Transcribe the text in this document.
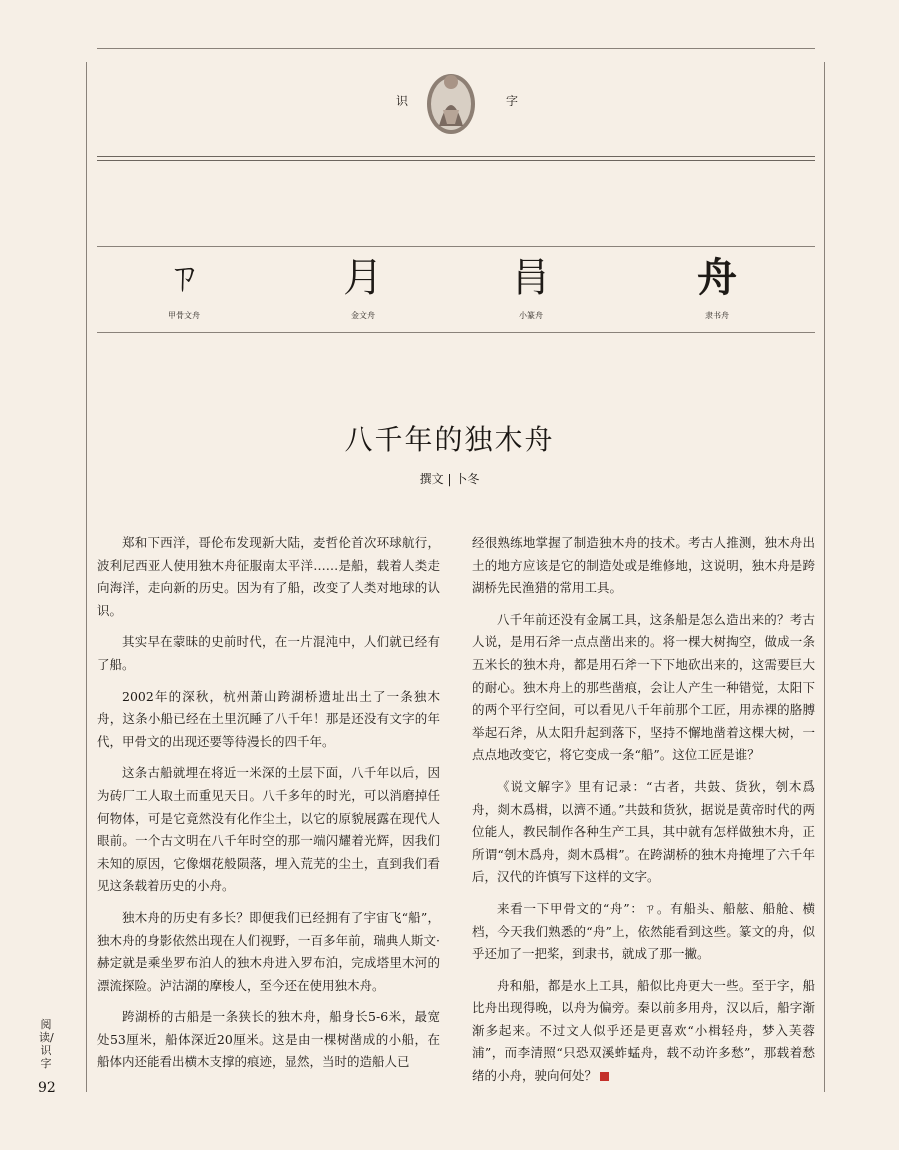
识	字
ㄗ
甲骨文舟
月
金文舟
肙
小篆舟
舟
隶书舟
八千年的独木舟
撰文 | 卜冬

郑和下西洋，哥伦布发现新大陆，麦哲伦首次环球航行，波利尼西亚人使用独木舟征服南太平洋……是船，载着人类走向海洋，走向新的历史。因为有了船，改变了人类对地球的认识。

其实早在蒙昧的史前时代，在一片混沌中，人们就已经有了船。

2002年的深秋，杭州萧山跨湖桥遗址出土了一条独木舟，这条小船已经在土里沉睡了八千年！那是还没有文字的年代，甲骨文的出现还要等待漫长的四千年。

这条古船就埋在将近一米深的土层下面，八千年以后，因为砖厂工人取土而重见天日。八千多年的时光，可以消磨掉任何物体，可是它竟然没有化作尘土，以它的原貌展露在现代人眼前。一个古文明在八千年时空的那一端闪耀着光辉，因我们未知的原因，它像烟花般陨落，埋入荒芜的尘土，直到我们看见这条载着历史的小舟。

独木舟的历史有多长？即便我们已经拥有了宇宙飞“船”，独木舟的身影依然出现在人们视野，一百多年前，瑞典人斯文·赫定就是乘坐罗布泊人的独木舟进入罗布泊，完成塔里木河的漂流探险。泸沽湖的摩梭人，至今还在使用独木舟。

跨湖桥的古船是一条狭长的独木舟，船身长5-6米，最宽处53厘米，船体深近20厘米。这是由一棵树凿成的小船，在船体内还能看出横木支撑的痕迹，显然，当时的造船人已

经很熟练地掌握了制造独木舟的技术。考古人推测，独木舟出土的地方应该是它的制造处或是维修地，这说明，独木舟是跨湖桥先民渔猎的常用工具。

八千年前还没有金属工具，这条船是怎么造出来的？考古人说，是用石斧一点点凿出来的。将一棵大树掏空，做成一条五米长的独木舟，都是用石斧一下下地砍出来的，这需要巨大的耐心。独木舟上的那些凿痕，会让人产生一种错觉，太阳下的两个平行空间，可以看见八千年前那个工匠，用赤裸的胳膊举起石斧，从太阳升起到落下，坚持不懈地凿着这棵大树，一点点地改变它，将它变成一条“船”。这位工匠是谁？

《说文解字》里有记录：“古者，共鼓、货狄，刳木爲舟，剡木爲楫，以濟不通。”共鼓和货狄，据说是黄帝时代的两位能人，教民制作各种生产工具，其中就有怎样做独木舟，正所谓“刳木爲舟，剡木爲楫”。在跨湖桥的独木舟掩埋了六千年后，汉代的许慎写下这样的文字。

来看一下甲骨文的“舟”：ㄗ。有船头、船舷、船舱、横档，今天我们熟悉的“舟”上，依然能看到这些。篆文的舟，似乎还加了一把桨，到隶书，就成了那一撇。

舟和船，都是水上工具，船似比舟更大一些。至于字，船比舟出现得晚，以舟为偏旁。秦以前多用舟，汉以后，船字渐渐多起来。不过文人似乎还是更喜欢“小楫轻舟，梦入芙蓉浦”，而李清照“只恐双溪蚱蜢舟，载不动许多愁”，那载着愁绪的小舟，驶向何处？

阅读/识字
92
